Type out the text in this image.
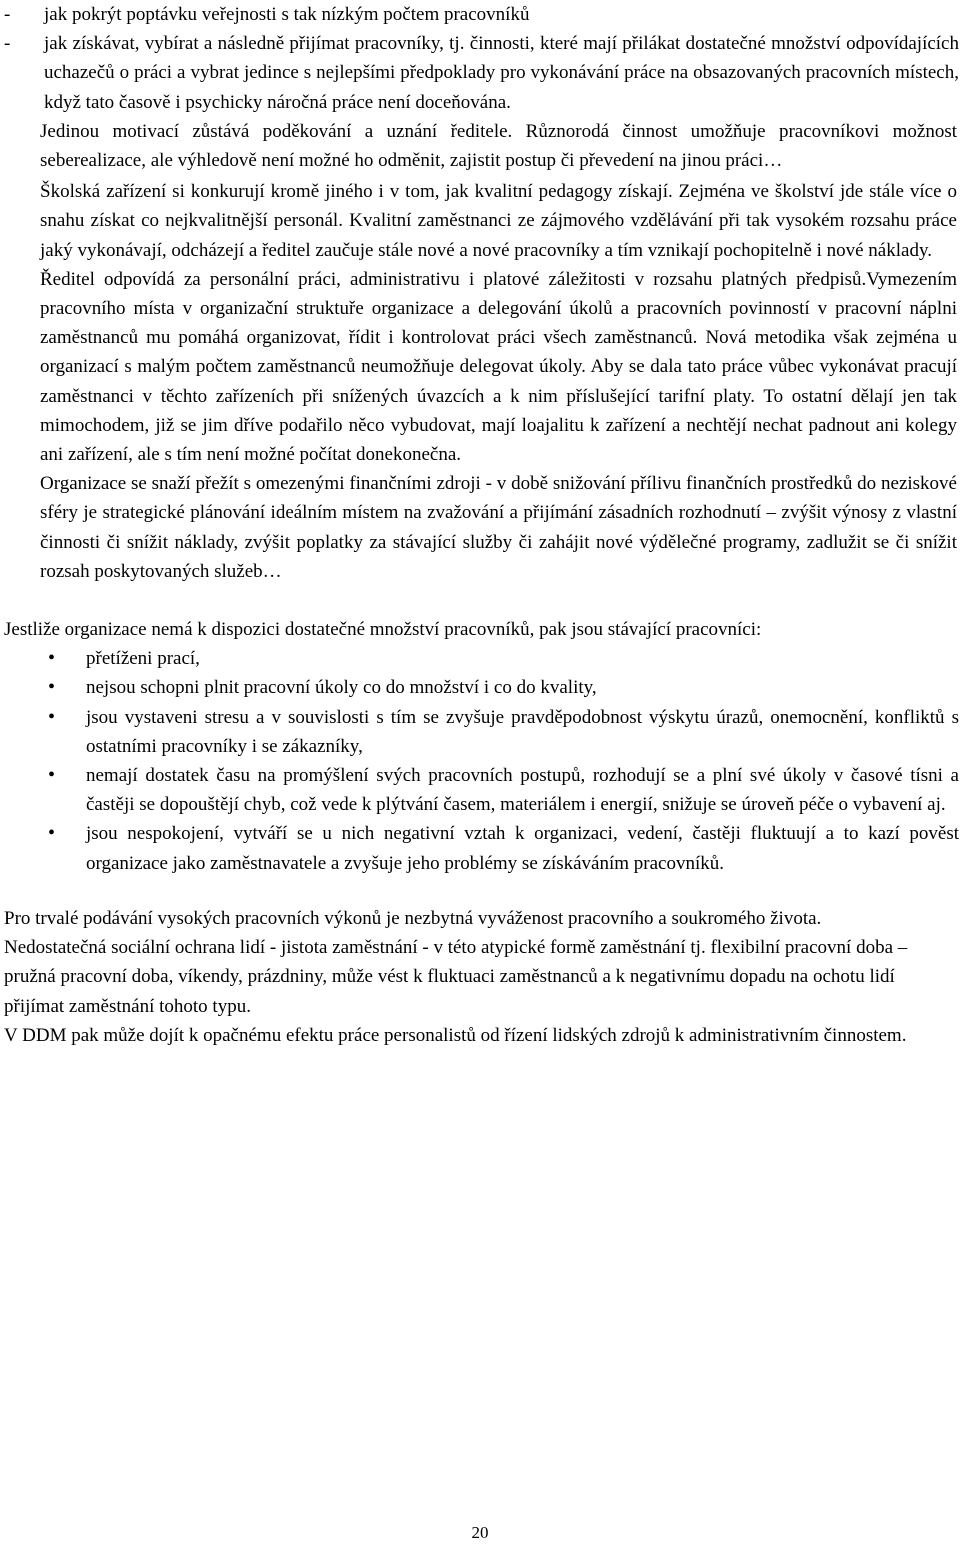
- jak pokrýt poptávku veřejnosti s tak nízkým počtem pracovníků
- jak získávat, vybírat a následně přijímat pracovníky, tj. činnosti, které mají přilákat dostatečné množství odpovídajících uchazečů o práci a vybrat jedince s nejlepšími předpoklady pro vykonávání práce na obsazovaných pracovních místech, když tato časově i psychicky náročná práce není doceňována.

Jedinou motivací zůstává poděkování a uznání ředitele. Různorodá činnost umožňuje pracovníkovi možnost seberealizace, ale výhledově není možné ho odměnit, zajistit postup či převedení na jinou práci…

Školská zařízení si konkurují kromě jiného i v tom, jak kvalitní pedagogy získají. Zejména ve školství jde stále více o snahu získat co nejkvalitnější personál. Kvalitní zaměstnanci ze zájmového vzdělávání při tak vysokém rozsahu práce jaký vykonávají, odcházejí a ředitel zaučuje stále nové a nové pracovníky a tím vznikají pochopitelně i nové náklady.

Ředitel odpovídá za personální práci, administrativu i platové záležitosti v rozsahu platných předpisů.Vymezením pracovního místa v organizační struktuře organizace a delegování úkolů a pracovních povinností v pracovní náplni zaměstnanců mu pomáhá organizovat, řídit i kontrolovat práci všech zaměstnanců. Nová metodika však zejména u organizací s malým počtem zaměstnanců neumožňuje delegovat úkoly. Aby se dala tato práce vůbec vykonávat pracují zaměstnanci v těchto zařízeních při snížených úvazcích a k nim příslušející tarifní platy. To ostatní dělají jen tak mimochodem, již se jim dříve podařilo něco vybudovat, mají loajalitu k zařízení a nechtějí nechat padnout ani kolegy ani zařízení, ale s tím není možné počítat donekonečna.

Organizace se snaží přežít s omezenými finančními zdroji - v době snižování přílivu finančních prostředků do neziskové sféry je strategické plánování ideálním místem na zvažování a přijímání zásadních rozhodnutí – zvýšit výnosy z vlastní činnosti či snížit náklady, zvýšit poplatky za stávající služby či zahájit nové výdělečné programy, zadlužit se či snížit rozsah poskytovaných služeb…

Jestliže organizace nemá k dispozici dostatečné množství pracovníků, pak jsou stávající pracovníci:

• přetíženi prací,
• nejsou schopni plnit pracovní úkoly co do množství i co do kvality,
• jsou vystaveni stresu a v souvislosti s tím se zvyšuje pravděpodobnost výskytu úrazů, onemocnění, konfliktů s ostatními pracovníky i se zákazníky,
• nemají dostatek času na promýšlení svých pracovních postupů, rozhodují se a plní své úkoly v časové tísni a častěji se dopouštějí chyb, což vede k plýtvání časem, materiálem i energií, snižuje se úroveň péče o vybavení aj.
• jsou nespokojení, vytváří se u nich negativní vztah k organizaci, vedení, častěji fluktuují a to kazí pověst organizace jako zaměstnavatele a zvyšuje jeho problémy se získáváním pracovníků.

Pro trvalé podávání vysokých pracovních výkonů je nezbytná vyváženost pracovního a soukromého života.

Nedostatečná sociální ochrana lidí - jistota zaměstnání - v této atypické formě zaměstnání tj. flexibilní pracovní doba – pružná pracovní doba, víkendy, prázdniny, může vést k fluktuaci zaměstnanců a k negativnímu dopadu na ochotu lidí přijímat zaměstnání tohoto typu.

V DDM pak může dojít k opačnému efektu práce personalistů od řízení lidských zdrojů k administrativním činnostem.

20
